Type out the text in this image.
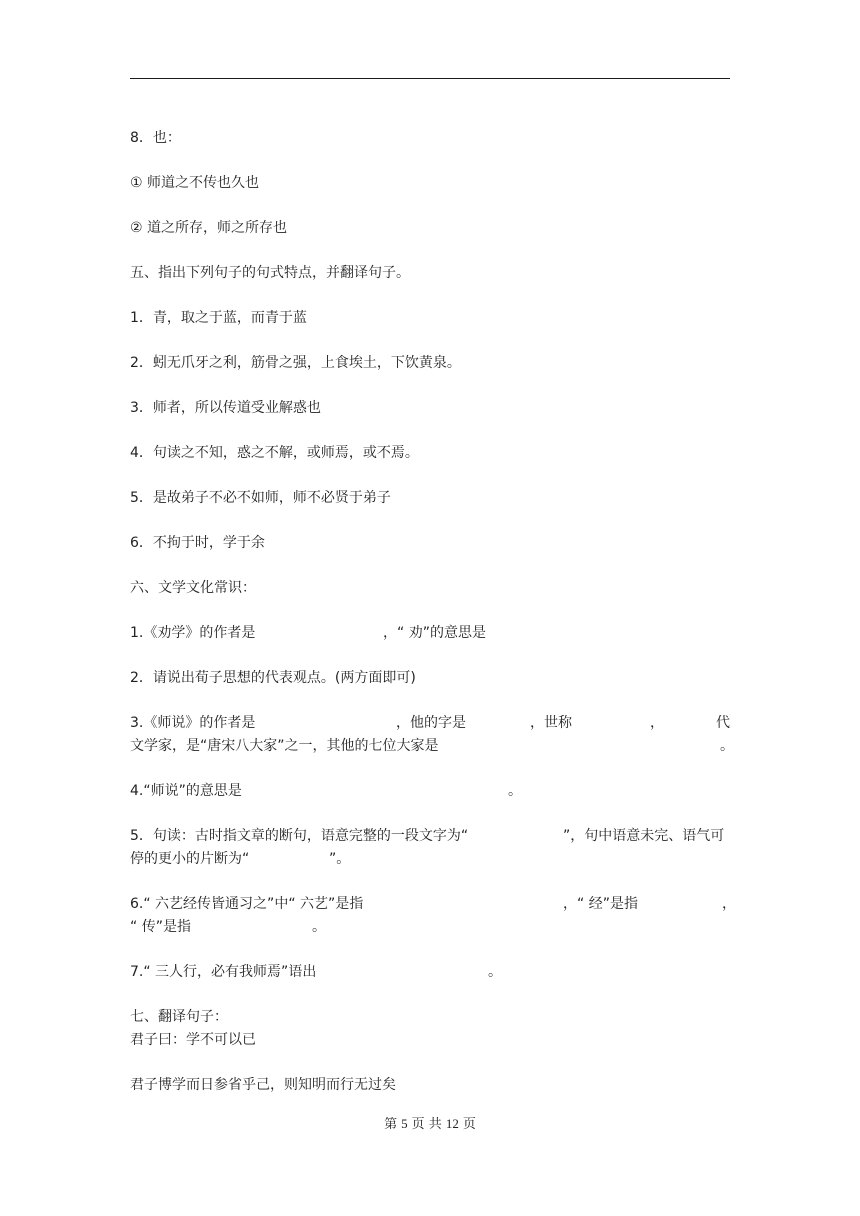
8．也：
① 师道之不传也久也
② 道之所存，师之所存也
五、指出下列句子的句式特点，并翻译句子。
1．青，取之于蓝，而青于蓝
2．蚓无爪牙之利，筋骨之强，上食埃土，下饮黄泉。
3．师者，所以传道受业解惑也
4．句读之不知，惑之不解，或师焉，或不焉。
5．是故弟子不必不如师，师不必贤于弟子
6．不拘于时，学于余
六、文学文化常识：
1.《劝学》的作者是	，“ 劝”的意思是
2．请说出荀子思想的代表观点。(两方面即可)
3.《师说》的作者是	，他的字是	，世称	，	代
文学家，是“唐宋八大家”之一，其他的七位大家是	。
4.“师说”的意思是	。
5．句读：古时指文章的断句，语意完整的一段文字为“	”，句中语意未完、语气可
停的更小的片断为“	”。
6.“ 六艺经传皆通习之”中“ 六艺”是指	，“ 经”是指	，
“ 传”是指	。
7.“ 三人行，必有我师焉”语出	。
七、翻译句子：
君子曰：学不可以已
君子博学而日参省乎己，则知明而行无过矣
第 5 页 共 12 页
